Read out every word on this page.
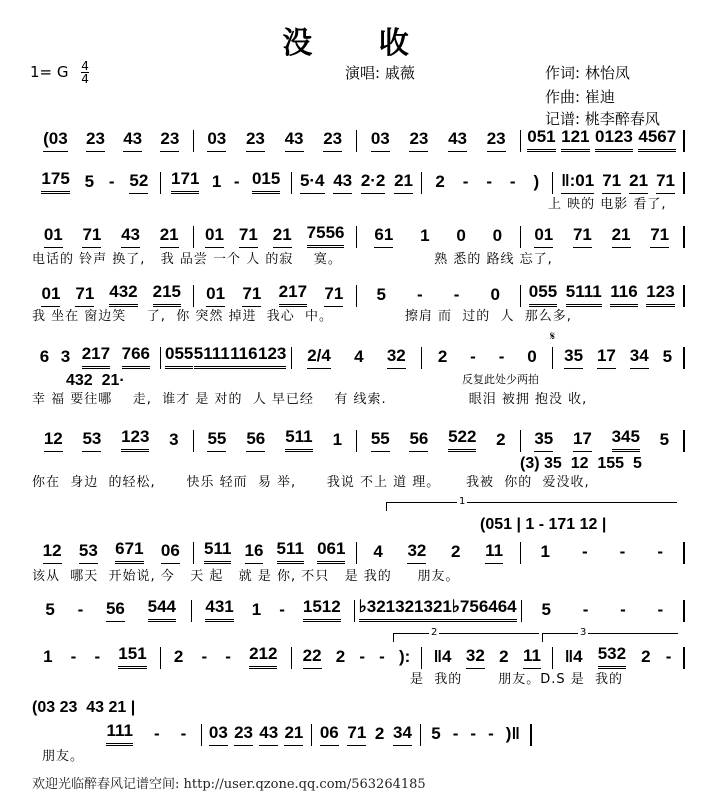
没 收
1= G $\frac{4}{4}$	演唱: 戚薇	作词: 林怡凤
作曲: 崔迪
记谱: 桃李醉春风
(03 23 43 23 03 23 43 23 03 23 43 23 051 121 0123 4567
175 5 - 52 171 1 - 015 5·4 43 2·2 21 2 - - - ) ‖:01 71 21 71
01 71 43 21 01 71 21 7556 61 1 0 0 01 71 21 71
01 71 432 215 01 71 217 71 5 - - 0 055 5111 116 123
6 3 217 766 055 5111 116 123 2/4 4 32 2 - - 0 35 17 34 5
12 53 123 3 55 56 511 1 55 56 522 2 35 17 345 5
12 53 671 06 511 16 511 061 4 32 2 11 1 - - -
5 - 56 544 431 1 - 1512 ♭3213 2132 1♭75 6464 5 - - -
1 - - 151 2 - - 212 22 2 - - ): ‖4 32 2 11 ‖4 532 2 -
111 - - 03 23 43 21 06 71 2 34 5 - - - )‖
上 映的 电影 看了,
电话的 铃声 换了,   我 品尝 一个 人 的寂    寞。                  熟 悉的 路线 忘了,
我 坐在 窗边笑    了,  你 突然 掉进  我心  中。              擦肩 而  过的  人  那么多,
幸 福 要往哪    走,  谁才 是 对的  人 早已经    有 线索.                眼泪 被拥 抱没 收,
你在  身边  的轻松,      快乐 轻而  易 举,      我说 不上 道 理。     我被  你的  爱没收,
该从  哪天  开始说, 今   天 起   就 是 你, 不只   是 我的     朋友。
是  我的       朋友。D.S 是  我的
朋友。
432  21·	反复此处少两拍
(3) 35  12  155  5
𝄋
1
(051 | 1 - 171 12 |
2	3
(03 23  43 21 |
欢迎光临醉春风记谱空间: http://user.qzone.qq.com/563264185
